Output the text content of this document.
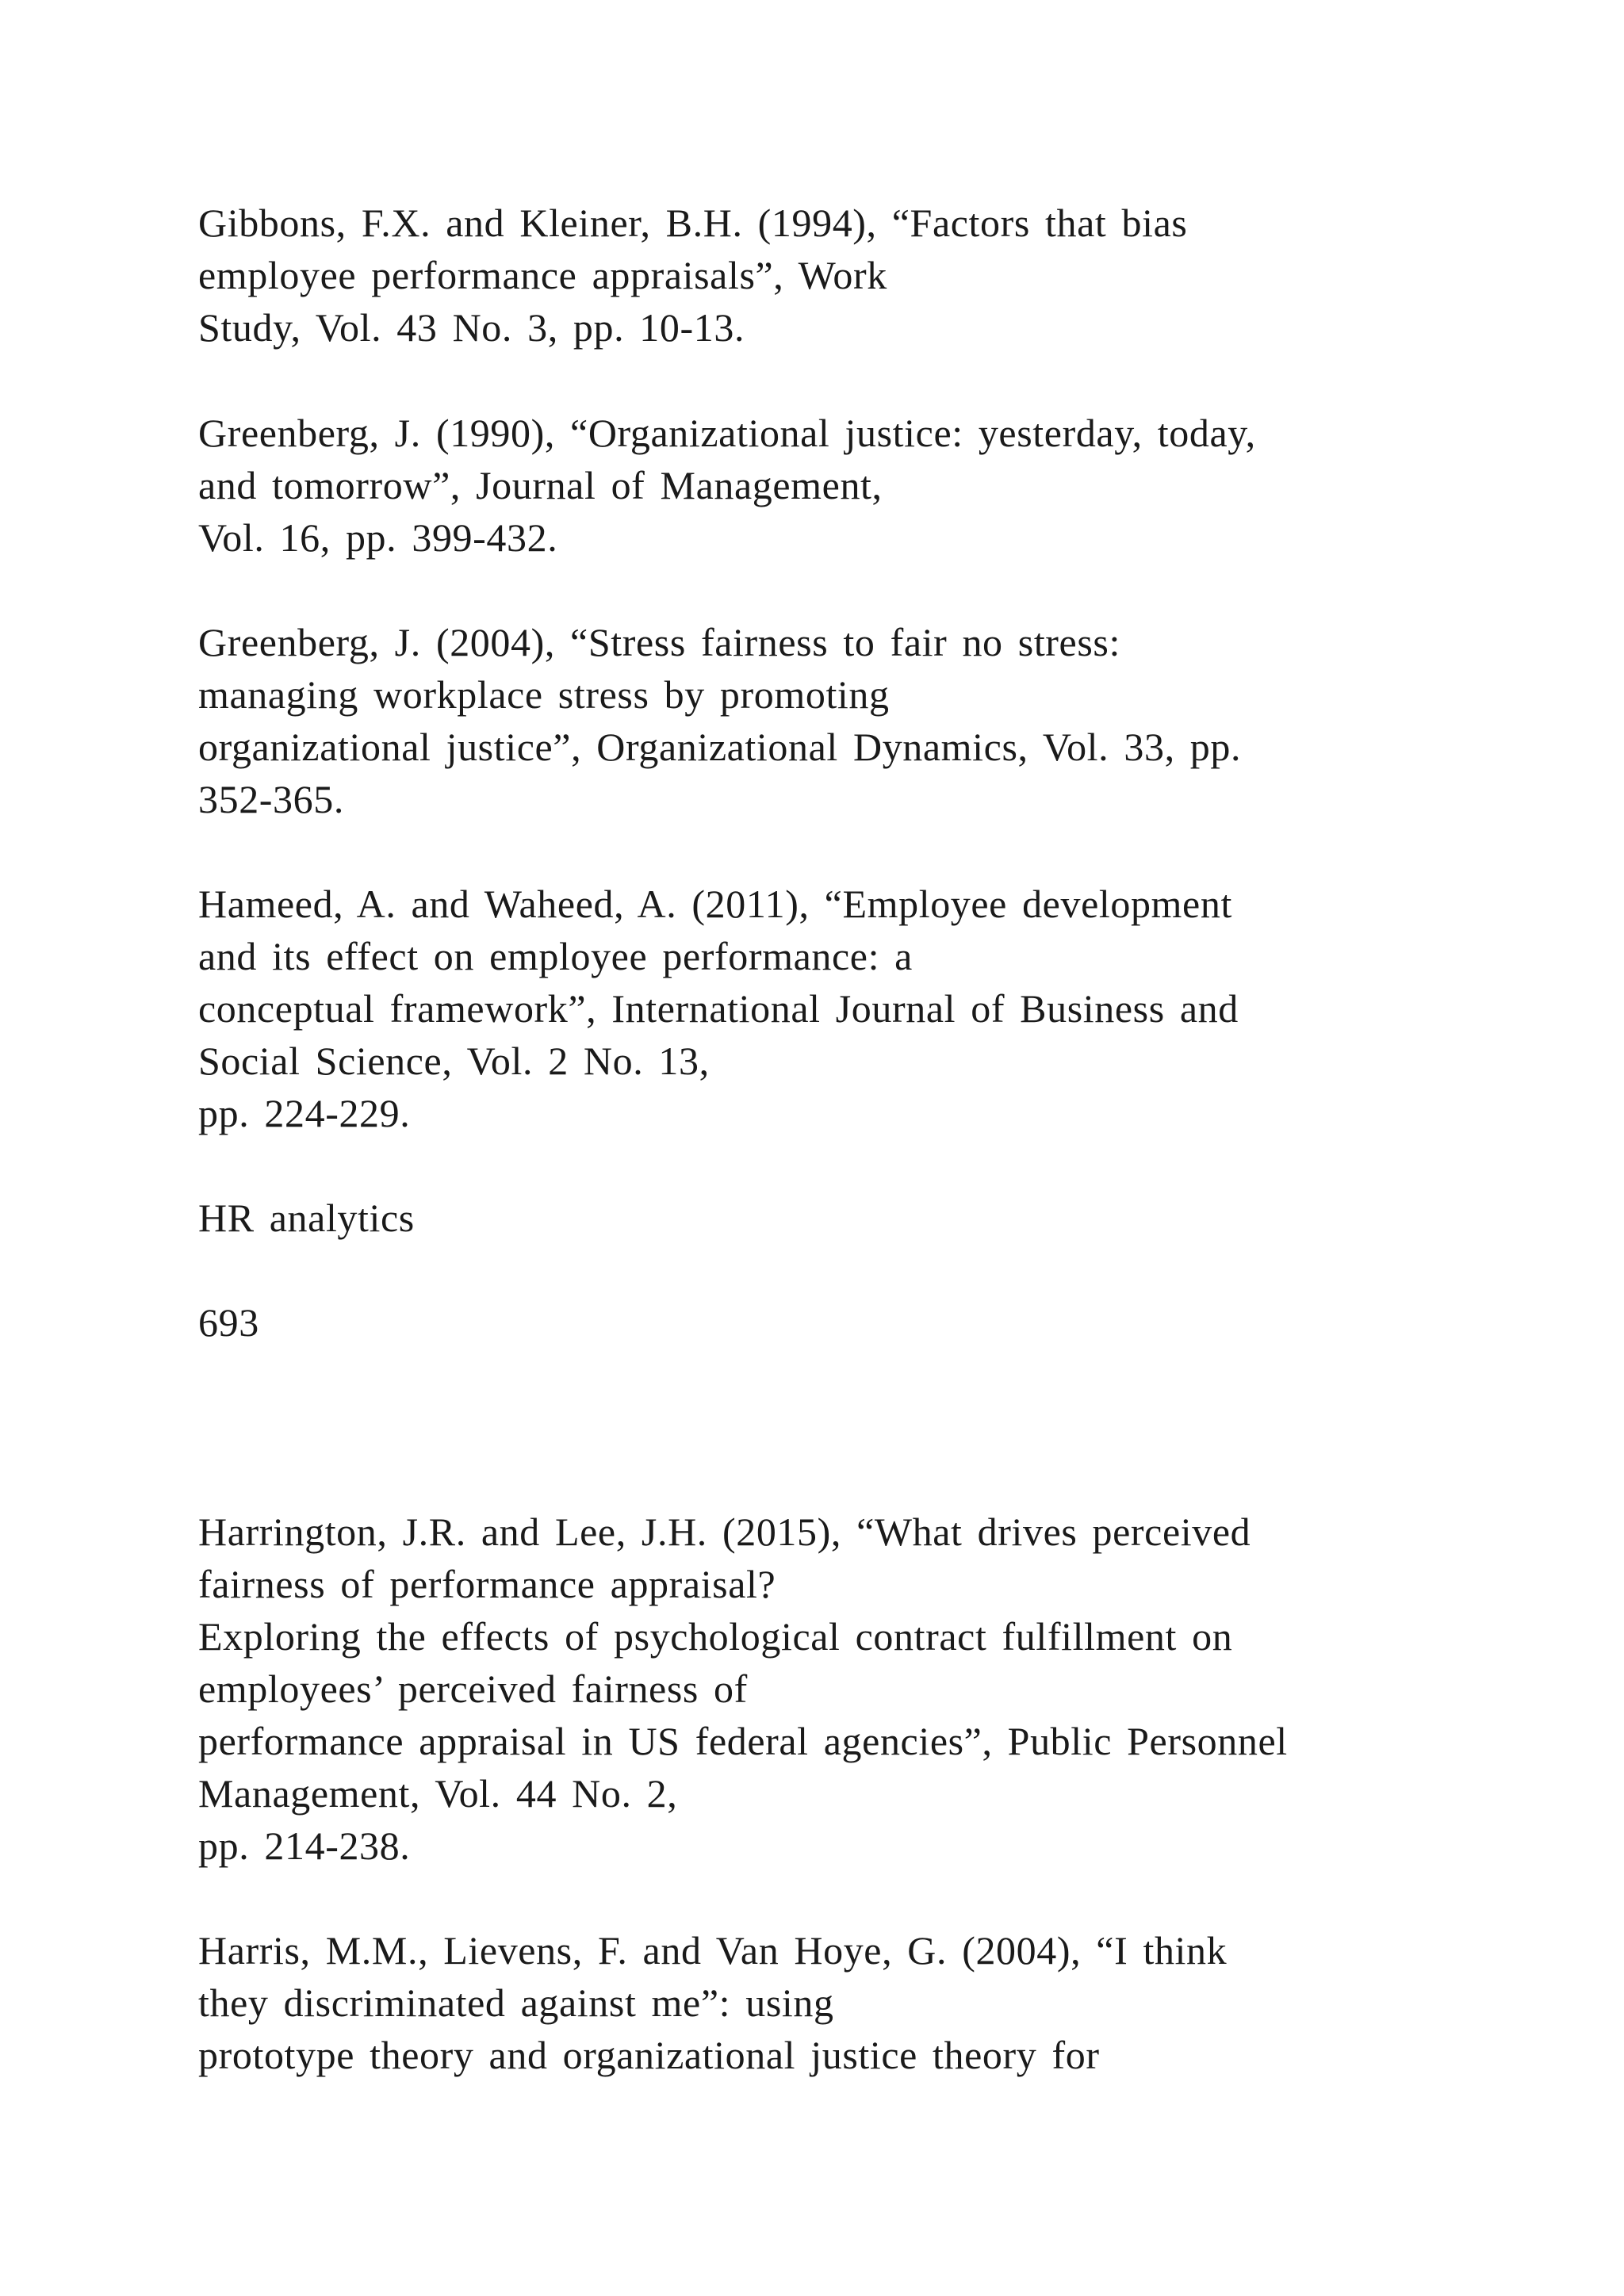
Gibbons, F.X. and Kleiner, B.H. (1994), “Factors that bias
employee performance appraisals”, Work
Study, Vol. 43 No. 3, pp. 10-13.
Greenberg, J. (1990), “Organizational justice: yesterday, today,
and tomorrow”, Journal of Management,
Vol. 16, pp. 399-432.
Greenberg, J. (2004), “Stress fairness to fair no stress:
managing workplace stress by promoting
organizational justice”, Organizational Dynamics, Vol. 33, pp.
352-365.
Hameed, A. and Waheed, A. (2011), “Employee development
and its effect on employee performance: a
conceptual framework”, International Journal of Business and
Social Science, Vol. 2 No. 13,
pp. 224-229.
HR analytics
693
Harrington, J.R. and Lee, J.H. (2015), “What drives perceived
fairness of performance appraisal?
Exploring the effects of psychological contract fulfillment on
employees’ perceived fairness of
performance appraisal in US federal agencies”, Public Personnel
Management, Vol. 44 No. 2,
pp. 214-238.
Harris, M.M., Lievens, F. and Van Hoye, G. (2004), “I think
they discriminated against me”: using
prototype theory and organizational justice theory for
